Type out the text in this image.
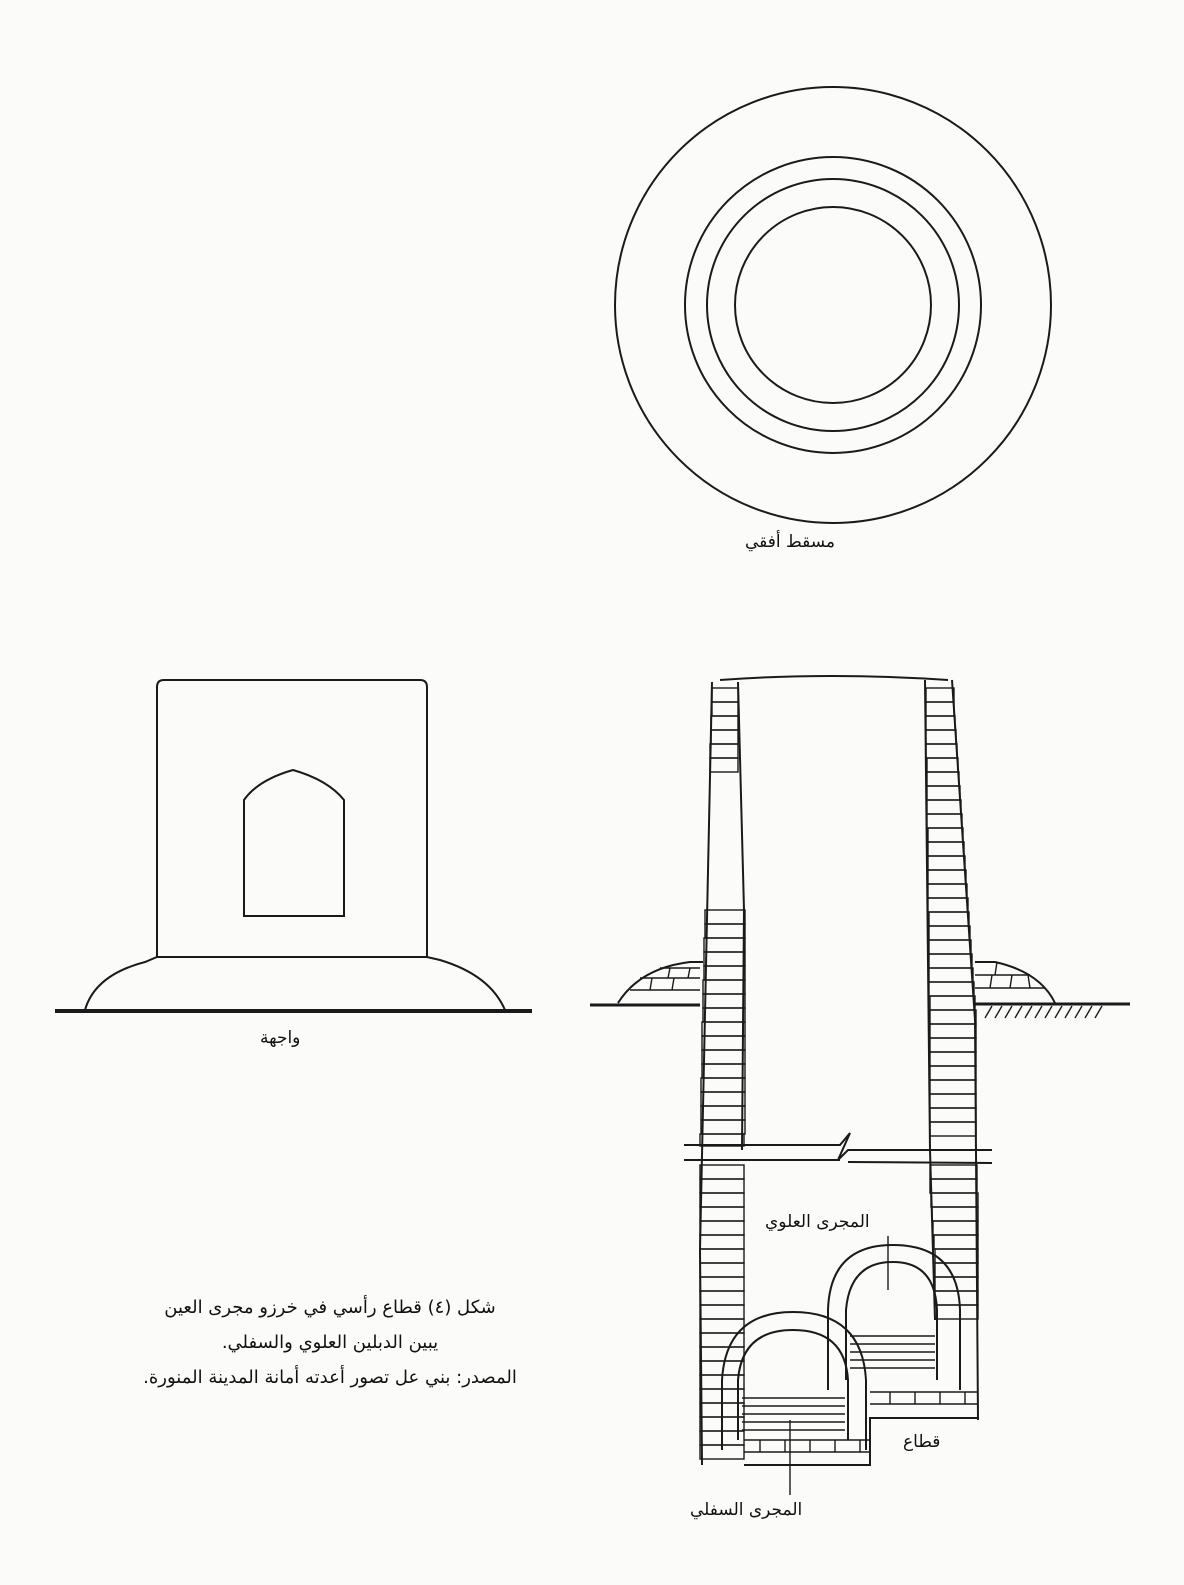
مسقط أفقي
واجهة
المجرى العلوي
المجرى السفلي
قطاع
شكل (٤) قطاع رأسي في خرزو مجرى العين
يبين الدبلين العلوي والسفلي.
المصدر: بني عل تصور أعدته أمانة المدينة المنورة.
